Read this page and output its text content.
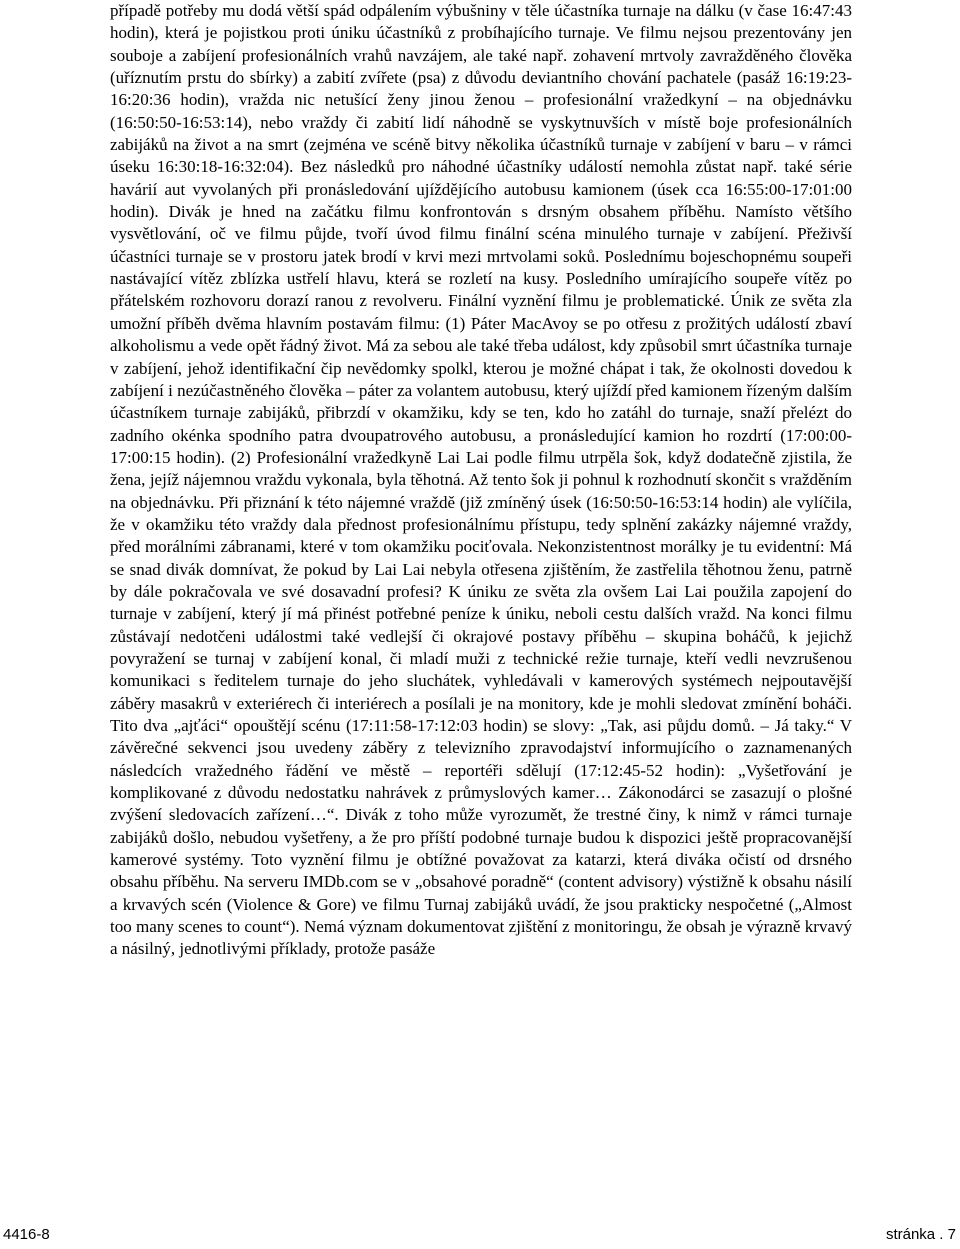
případě potřeby mu dodá větší spád odpálením výbušniny v těle účastníka turnaje na dálku (v čase 16:47:43 hodin), která je pojistkou proti úniku účastníků z probíhajícího turnaje. Ve filmu nejsou prezentovány jen souboje a zabíjení profesionálních vrahů navzájem, ale také např. zohavení mrtvoly zavražděného člověka (uříznutím prstu do sbírky) a zabití zvířete (psa) z důvodu deviantního chování pachatele (pasáž 16:19:23-16:20:36 hodin), vražda nic netušící ženy jinou ženou – profesionální vražedkyní – na objednávku (16:50:50-16:53:14), nebo vraždy či zabití lidí náhodně se vyskytnuvších v místě boje profesionálních zabijáků na život a na smrt (zejména ve scéně bitvy několika účastníků turnaje v zabíjení v baru – v rámci úseku 16:30:18-16:32:04). Bez následků pro náhodné účastníky událostí nemohla zůstat např. také série havárií aut vyvolaných při pronásledování ujíždějícího autobusu kamionem (úsek cca 16:55:00-17:01:00 hodin). Divák je hned na začátku filmu konfrontován s drsným obsahem příběhu. Namísto většího vysvětlování, oč ve filmu půjde, tvoří úvod filmu finální scéna minulého turnaje v zabíjení. Přeživší účastníci turnaje se v prostoru jatek brodí v krvi mezi mrtvolami soků. Poslednímu bojeschopnému soupeři nastávající vítěz zblízka ustřelí hlavu, která se rozletí na kusy. Posledního umírajícího soupeře vítěz po přátelském rozhovoru dorazí ranou z revolveru. Finální vyznění filmu je problematické. Únik ze světa zla umožní příběh dvěma hlavním postavám filmu: (1) Páter MacAvoy se po otřesu z prožitých událostí zbaví alkoholismu a vede opět řádný život. Má za sebou ale také třeba událost, kdy způsobil smrt účastníka turnaje v zabíjení, jehož identifikační čip nevědomky spolkl, kterou je možné chápat i tak, že okolnosti dovedou k zabíjení i nezúčastněného člověka – páter za volantem autobusu, který ujíždí před kamionem řízeným dalším účastníkem turnaje zabijáků, přibrzdí v okamžiku, kdy se ten, kdo ho zatáhl do turnaje, snaží přelézt do zadního okénka spodního patra dvoupatrového autobusu, a pronásledující kamion ho rozdrtí (17:00:00-17:00:15 hodin). (2) Profesionální vražedkyně Lai Lai podle filmu utrpěla šok, když dodatečně zjistila, že žena, jejíž nájemnou vraždu vykonala, byla těhotná. Až tento šok ji pohnul k rozhodnutí skončit s vražděním na objednávku. Při přiznání k této nájemné vraždě (již zmíněný úsek (16:50:50-16:53:14 hodin) ale vylíčila, že v okamžiku této vraždy dala přednost profesionálnímu přístupu, tedy splnění zakázky nájemné vraždy, před morálními zábranami, které v tom okamžiku pociťovala. Nekonzistentnost morálky je tu evidentní: Má se snad divák domnívat, že pokud by Lai Lai nebyla otřesena zjištěním, že zastřelila těhotnou ženu, patrně by dále pokračovala ve své dosavadní profesi? K úniku ze světa zla ovšem Lai Lai použila zapojení do turnaje v zabíjení, který jí má přinést potřebné peníze k úniku, neboli cestu dalších vražd. Na konci filmu zůstávají nedotčeni událostmi také vedlejší či okrajové postavy příběhu – skupina boháčů, k jejichž povyražení se turnaj v zabíjení konal, či mladí muži z technické režie turnaje, kteří vedli nevzrušenou komunikaci s ředitelem turnaje do jeho sluchátek, vyhledávali v kamerových systémech nejpoutavější záběry masakrů v exteriérech či interiérech a posílali je na monitory, kde je mohli sledovat zmínění boháči. Tito dva „ajťáci“ opouštějí scénu (17:11:58-17:12:03 hodin) se slovy: „Tak, asi půjdu domů. – Já taky.“ V závěrečné sekvenci jsou uvedeny záběry z televizního zpravodajství informujícího o zaznamenaných následcích vražedného řádění ve městě – reportéři sdělují (17:12:45-52 hodin): „Vyšetřování je komplikované z důvodu nedostatku nahrávek z průmyslových kamer… Zákonodárci se zasazují o plošné zvýšení sledovacích zařízení…“. Divák z toho může vyrozumět, že trestné činy, k nimž v rámci turnaje zabijáků došlo, nebudou vyšetřeny, a že pro příští podobné turnaje budou k dispozici ještě propracovanější kamerové systémy. Toto vyznění filmu je obtížné považovat za katarzi, která diváka očistí od drsného obsahu příběhu. Na serveru IMDb.com se v „obsahové poradně“ (content advisory) výstižně k obsahu násilí a krvavých scén (Violence & Gore) ve filmu Turnaj zabijáků uvádí, že jsou prakticky nespočetné („Almost too many scenes to count“). Nemá význam dokumentovat zjištění z monitoringu, že obsah je výrazně krvavý a násilný, jednotlivými příklady, protože pasáže

4416-8	stránka . 7
